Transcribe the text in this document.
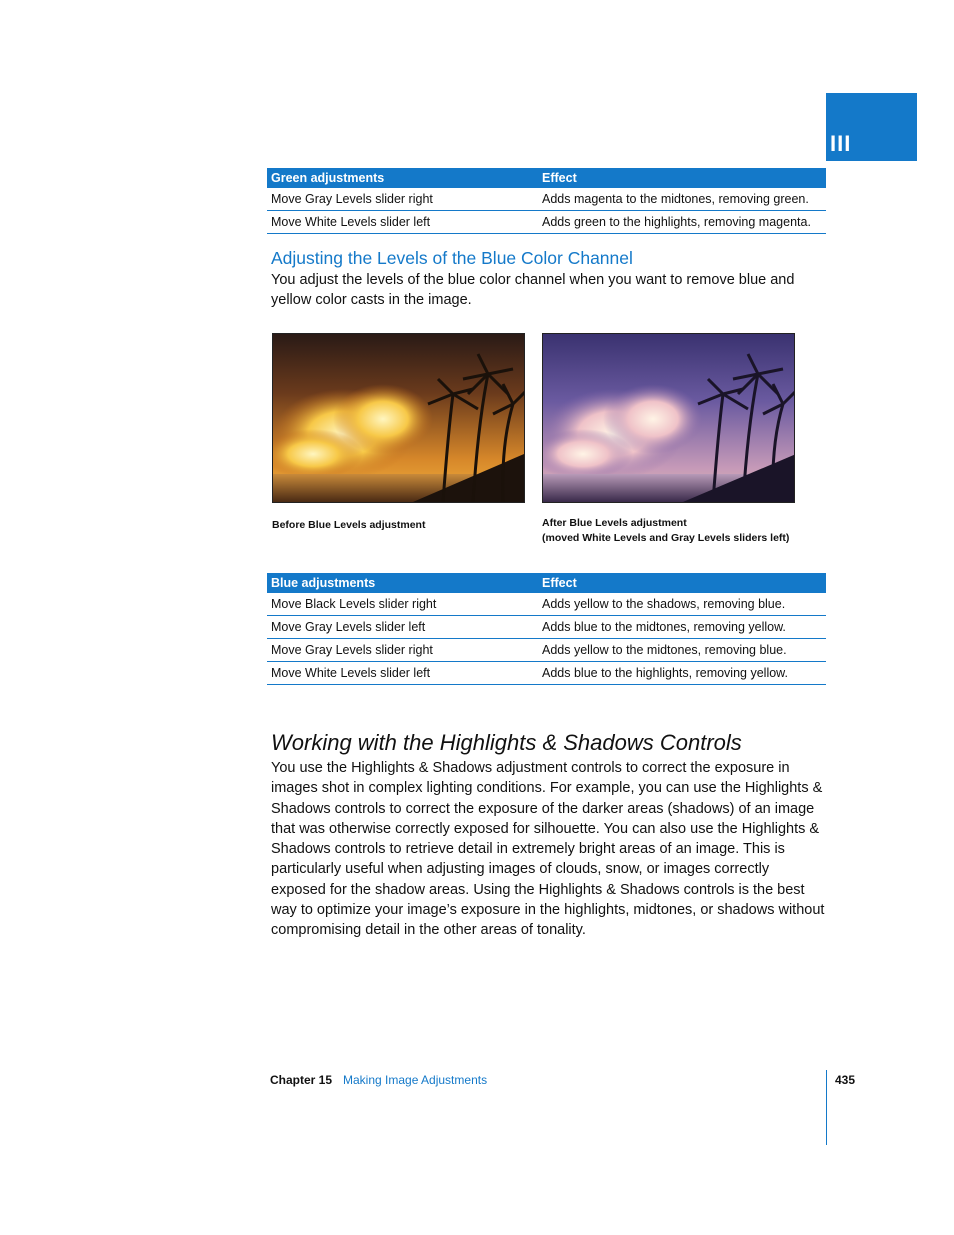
III
Green adjustments	Effect
Move Gray Levels slider right	Adds magenta to the midtones, removing green.
Move White Levels slider left	Adds green to the highlights, removing magenta.
Adjusting the Levels of the Blue Color Channel

You adjust the levels of the blue color channel when you want to remove blue and yellow color casts in the image.

Before Blue Levels adjustment	After Blue Levels adjustment

(moved White Levels and Gray Levels sliders left)

Blue adjustments	Effect
Move Black Levels slider right	Adds yellow to the shadows, removing blue.
Move Gray Levels slider left	Adds blue to the midtones, removing yellow.
Move Gray Levels slider right	Adds yellow to the midtones, removing blue.
Move White Levels slider left	Adds blue to the highlights, removing yellow.
Working with the Highlights & Shadows Controls

You use the Highlights & Shadows adjustment controls to correct the exposure in images shot in complex lighting conditions. For example, you can use the Highlights & Shadows controls to correct the exposure of the darker areas (shadows) of an image that was otherwise correctly exposed for silhouette. You can also use the Highlights & Shadows controls to retrieve detail in extremely bright areas of an image. This is particularly useful when adjusting images of clouds, snow, or images correctly exposed for the shadow areas. Using the Highlights & Shadows controls is the best way to optimize your image’s exposure in the highlights, midtones, or shadows without compromising detail in the other areas of tonality.

Chapter 15 Making Image Adjustments	435
